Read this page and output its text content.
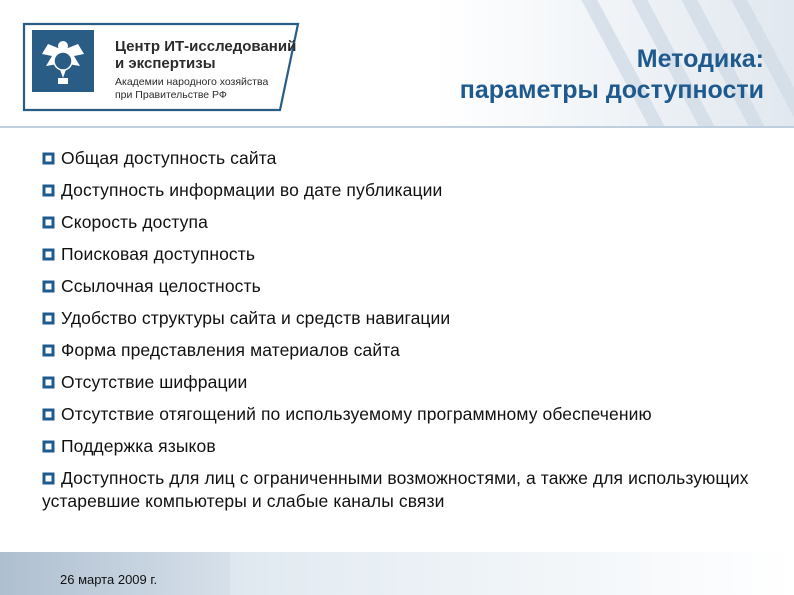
Центр ИТ-исследований
и экспертизы
Академии народного хозяйства
при Правительстве РФ
Методика:
параметры доступности
Общая доступность сайта
Доступность информации во дате публикации
Скорость доступа
Поисковая доступность
Ссылочная целостность
Удобство структуры сайта и средств навигации
Форма представления материалов сайта
Отсутствие шифрации
Отсутствие отягощений по используемому программному обеспечению
Поддержка языков
Доступность для лиц с ограниченными возможностями, а также для использующих устаревшие компьютеры и слабые каналы связи
26 марта 2009 г.
